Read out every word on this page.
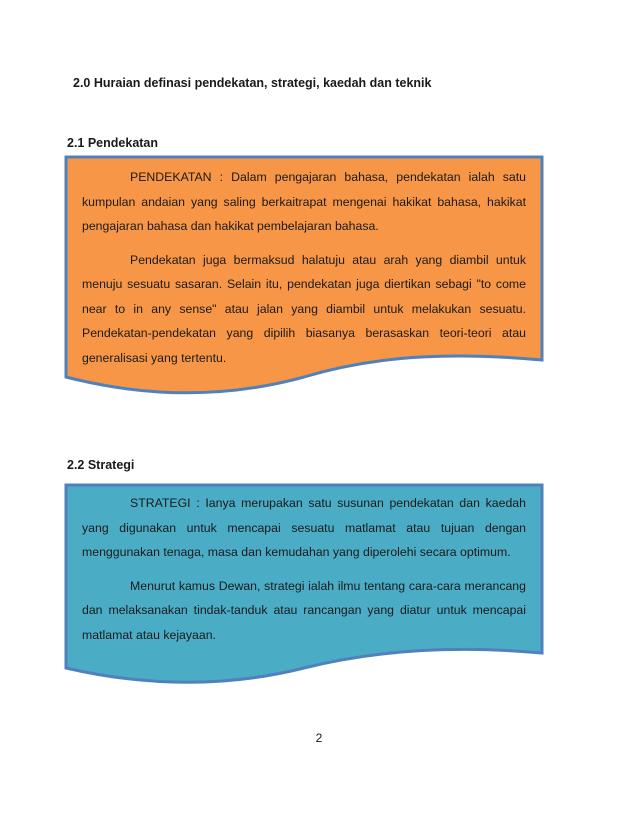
2.0 Huraian definasi pendekatan, strategi, kaedah dan teknik

2.1 Pendekatan

PENDEKATAN : Dalam pengajaran bahasa, pendekatan ialah satu kumpulan andaian yang saling berkaitrapat mengenai hakikat bahasa, hakikat pengajaran bahasa dan hakikat pembelajaran bahasa.

Pendekatan juga bermaksud halatuju atau arah yang diambil untuk menuju sesuatu sasaran. Selain itu, pendekatan juga diertikan sebagi "to come near to in any sense" atau jalan yang diambil untuk melakukan sesuatu. Pendekatan-pendekatan yang dipilih biasanya berasaskan teori-teori atau generalisasi yang tertentu.

2.2 Strategi

STRATEGI : Ianya merupakan satu susunan pendekatan dan kaedah yang digunakan untuk mencapai sesuatu matlamat atau tujuan dengan menggunakan tenaga, masa dan kemudahan yang diperolehi secara optimum.

Menurut kamus Dewan, strategi ialah ilmu tentang cara-cara merancang dan melaksanakan tindak-tanduk atau rancangan yang diatur untuk mencapai matlamat atau kejayaan.

2
